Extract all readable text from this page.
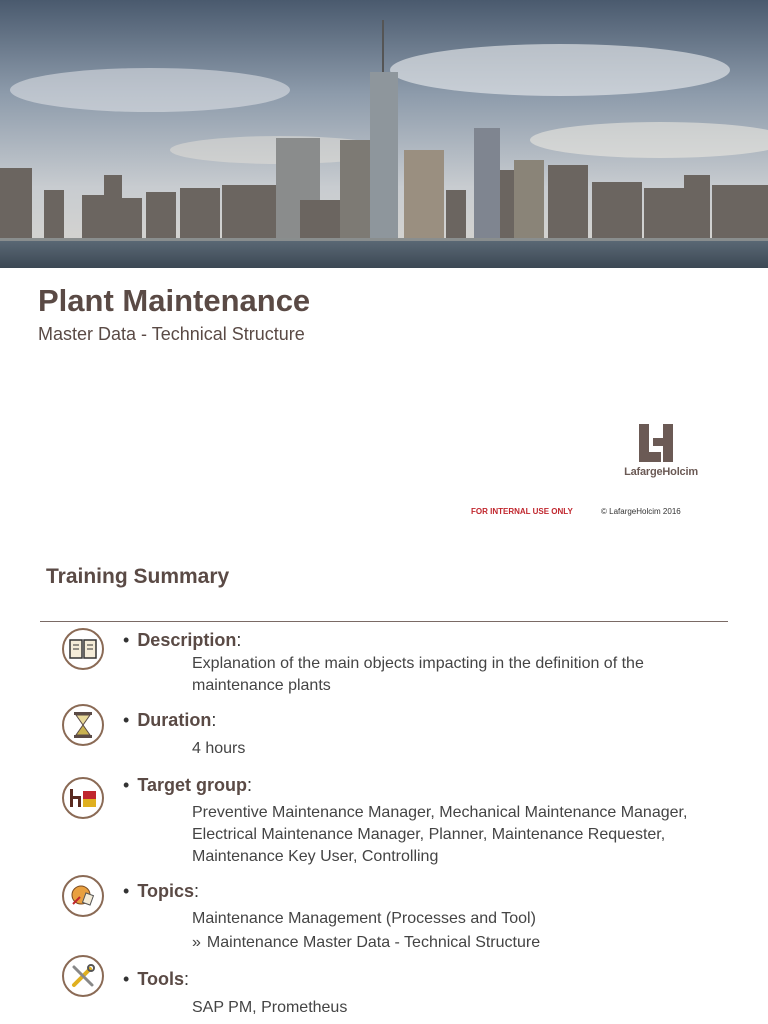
Plant Maintenance

Master Data - Technical Structure

LafargeHolcim
FOR INTERNAL USE ONLY	© LafargeHolcim 2016
Training Summary
• Description:
Explanation of the main objects impacting in the definition of the maintenance plants
• Duration:
4 hours
• Target group:
Preventive Maintenance Manager, Mechanical Maintenance Manager, Electrical Maintenance Manager, Planner, Maintenance Requester, Maintenance Key User, Controlling
• Topics:
Maintenance Management (Processes and Tool)
» Maintenance Master Data - Technical Structure
• Tools:
SAP PM, Prometheus
